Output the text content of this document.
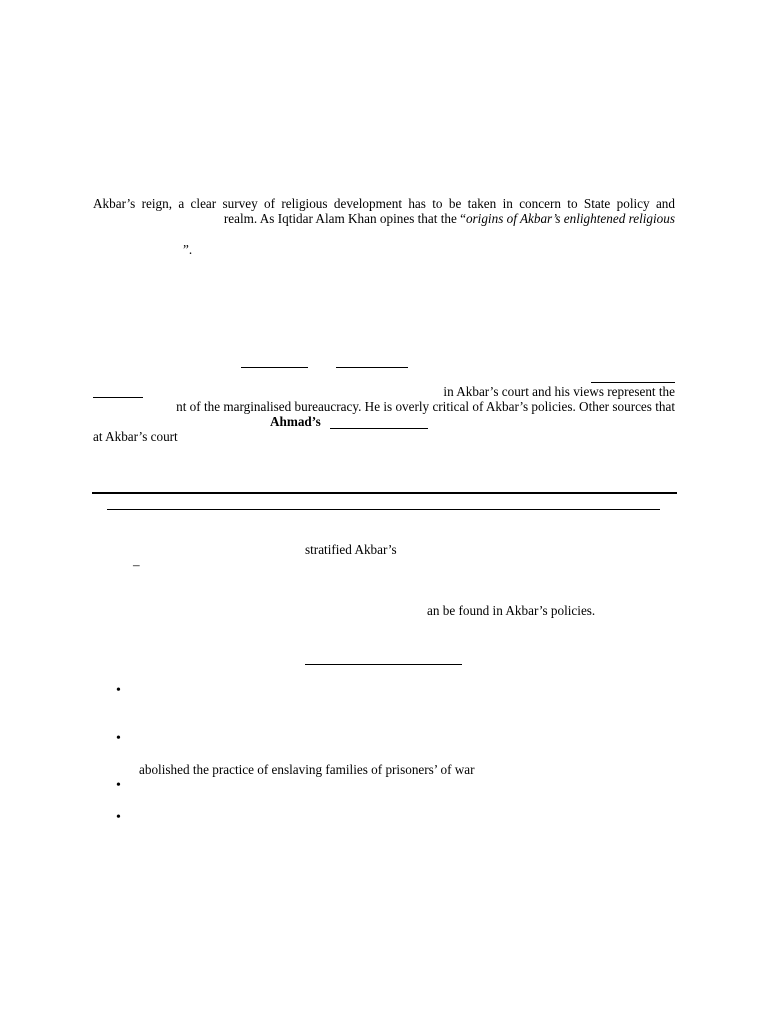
Akbar’s reign, a clear survey of religious development has to be taken in concern to State policy and
realm. As Iqtidar Alam Khan opines that the “origins of Akbar’s enlightened religious
”.
in Akbar’s court and his views represent the
nt of the marginalised bureaucracy. He is overly critical of Akbar’s policies. Other sources that
Ahmad’s
at Akbar’s court
stratified Akbar’s
–
an be found in Akbar’s policies.
•
•
abolished the practice of enslaving families of prisoners’ of war
•
•
